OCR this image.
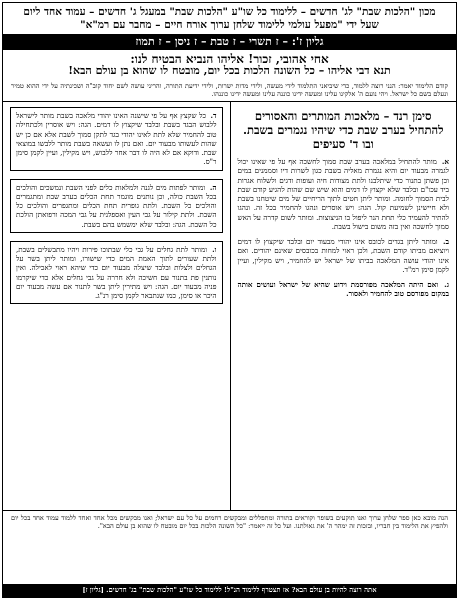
מכון "הלכות שבת" לג' חדשים – ללימוד כל שו"ע "הלכות שבת" במעגל ג' חדשים – עמוד אחד ליום
שעל ידי "מפעל עולמי ללימוד שלחן ערוך אורח חיים – מחבר עם רמ"א"
גליון ז': – ז תשרי – ז טבת – ז ניסן – ז תמוז
אחי אהובי, זכור! אליהו הנביא הבטיח לנו:
תנא דבי אליהו – כל השונה הלכות בכל יום, מובטח לו שהוא בן עולם הבא!
קודם הלימוד יאמר: הנני רוצה ללמוד, כדי שיביאני התלמוד לידי מעשה, ולידי מדות ישרות, ולידי ידיעת התורה, והריני עושה לשם יחוד קוב"ה ושכינתיה על ידי ההוא טמיר ונעלם בשם כל ישראל. ויהי נועם ה' אלקינו עלינו ומעשה ידינו כוננה עלינו ומעשה ידינו כוננהו.
סימן רנד – מלאכות המותרים והאסורים להתחיל בערב שבת כדי שיהיו נגמרים בשבת. ובו ד' סעיפים
א. מותר להתחיל במלאכה בערב שבת סמוך לחשכה אף על פי שאינו יכול לגמרה מבעוד יום והיא נגמרת מאליה בשבת כגון לשרות דיו וסממנים במים וכן פשתן בתנור כדי שיתלבנו ולתת מצודות חיה ועופות ודגים ולשלוח אגרות ביד עכו"ם ובלבד שלא יקצוץ לו דמים והוא שיש שם שהות להגיע קודם שבת לבית הסמוך לחומה. ומותר ליתן חטים לתוך הריחיים של מים שיטחנו בשבת ולא חיישינן לשמיעת קול. הגה: ויש אוסרים ונהגו להחמיר בכל זה. ונהגו להתיר להעמיד כלי תחת הנר ליפול בו הניצוצות. ומותר לשום קדרה על האש סמוך לחשכה ואין בזה משום בישול בשבת.
ב. ומותר ליתן בגדים לכובס אינו יהודי מבעוד יום ובלבד שיקצוץ לו דמים ויוציאם מביתו קודם השבת, ולכן ראוי למחות בכובסים שאינם יהודים. ואם אינו יהודי עושה המלאכה בביתו של ישראל יש להחמיר, ויש מקילין, ועיין לקמן סימן רמ"ד.
ג. ואם היתה המלאכה מפורסמת וידוע שהיא של ישראל ועושים אותה במקום מפורסם טוב להחמיר ולאסור.
ד. כל שקצץ אף על פי שישנה האינו יהודי מלאכה בשבת מותר לישראל ללבוש הבגד בשבת ובלבד שיקצוץ לו דמים. הגה: ויש אוסרין ולכתחילה טוב להחמיר שלא לתת לאינו יהודי בגד לתקן סמוך לשבת אלא אם כן יש שהות לעשותו מבעוד יום. ואם נתן לו ועשאה בשבת מותר ללבשו במוצאי שבת. ודוקא אם לא היה לו דבר אחר ללבוש, ויש מקילין, ועיין לקמן סימן ר"ס.
ה. ומותר לפתות מים לגנה ולמלאות כלים לפני השבת ונמשכים והולכים בכל השבת כולה, וכן נותנים מוגמר תחת הכלים בערב שבת ומתגמרים והולכים כל השבת. ולתת גופרית תחת הכלים ומתגפרים והולכים כל השבת. ולתת קילור על גבי העין ואספלנית על גבי המכה ורפואתן הולכת כל השבת. הגה: ובלבד שלא ימשמש בהם בשבת.
ו. ומותר לתת גחלים על גבי כלי שבתוכו פירות ויהיו מתבשלים בשבת, ולתת שעורים לתוך האמת המים כדי שישורו, ומותר ליתן בשר על הגחלים ולצלות ובלבד שיצלה מבעוד יום כדי שיהא ראוי לאכילה. ואין נותנין פת בתנור עם חשיכה ולא חררה על גבי גחלים אלא כדי שיקרמו פניה מבעוד יום. הגה: ויש מתירין ליתן בשר לתנור אם עשה מבעוד יום היכר או סימן, כמו שנתבאר לקמן סימן רנ"ג.
הנה מובא כאן ספר שלחן ערוך ואנו תוקעים בשופר וקוראים בתורה ומתפללים ומבקשים רחמים על כל עם ישראל; ואנו מבקשים מכל אחד ואחד ללמוד עמוד אחד בכל יום ולהפיץ את הלימוד בין חבריו, ובזכות זה ימהר ה' את גאולתנו. ועל כל זה ייאמר: "כל השונה הלכות בכל יום מובטח לו שהוא בן עולם הבא".
אתה רוצה להיות בן עולם הבא? אז תצטרף ללימוד הנ"ל! ללימוד כל שו"ע "הלכות שבת" בג' חדשים. [גליון ז]
